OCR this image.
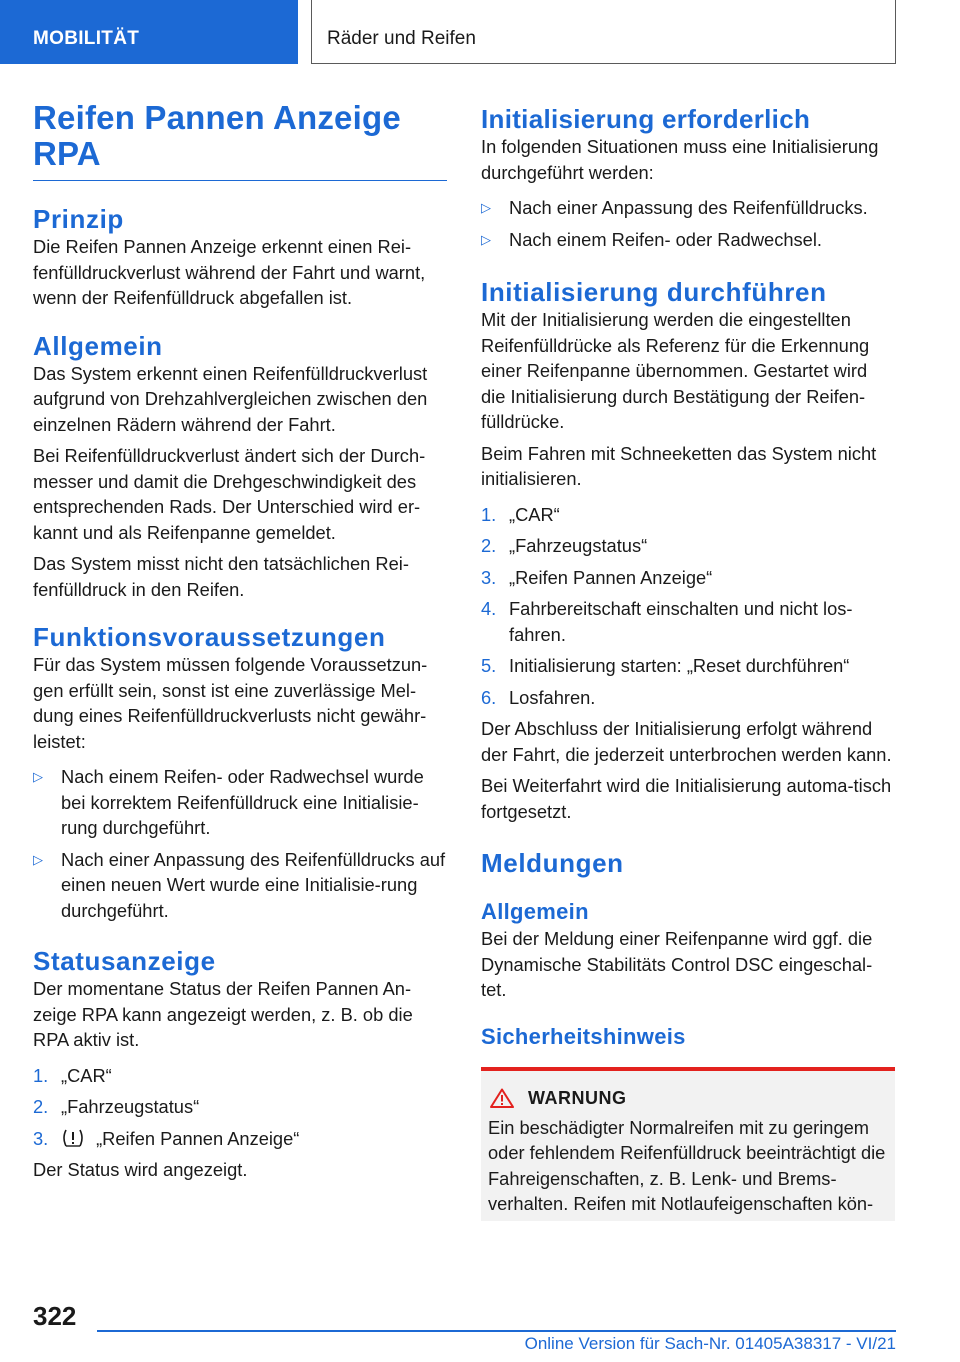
MOBILITÄT	Räder und Reifen
Reifen Pannen Anzeige RPA
Prinzip

Die Reifen Pannen Anzeige erkennt einen Rei-fenfülldruckverlust während der Fahrt und warnt, wenn der Reifenfülldruck abgefallen ist.

Allgemein

Das System erkennt einen Reifenfülldruckverlust aufgrund von Drehzahlvergleichen zwischen den einzelnen Rädern während der Fahrt.

Bei Reifenfülldruckverlust ändert sich der Durch-messer und damit die Drehgeschwindigkeit des entsprechenden Rads. Der Unterschied wird er-kannt und als Reifenpanne gemeldet.

Das System misst nicht den tatsächlichen Rei-fenfülldruck in den Reifen.

Funktionsvoraussetzungen

Für das System müssen folgende Voraussetzun-gen erfüllt sein, sonst ist eine zuverlässige Mel-dung eines Reifenfülldruckverlusts nicht gewähr-leistet:

▷ Nach einem Reifen- oder Radwechsel wurde bei korrektem Reifenfülldruck eine Initialisie-rung durchgeführt.
▷ Nach einer Anpassung des Reifenfülldrucks auf einen neuen Wert wurde eine Initialisie-rung durchgeführt.
Statusanzeige

Der momentane Status der Reifen Pannen An-zeige RPA kann angezeigt werden, z. B. ob die RPA aktiv ist.

1. „CAR“
2. „Fahrzeugstatus“
3.	„Reifen Pannen Anzeige“

Der Status wird angezeigt.

Initialisierung erforderlich

In folgenden Situationen muss eine Initialisierung durchgeführt werden:

▷ Nach einer Anpassung des Reifenfülldrucks.
▷ Nach einem Reifen- oder Radwechsel.
Initialisierung durchführen

Mit der Initialisierung werden die eingestellten Reifenfülldrücke als Referenz für die Erkennung einer Reifenpanne übernommen. Gestartet wird die Initialisierung durch Bestätigung der Reifen-fülldrücke.

Beim Fahren mit Schneeketten das System nicht initialisieren.

1. „CAR“
2. „Fahrzeugstatus“
3. „Reifen Pannen Anzeige“
4. Fahrbereitschaft einschalten und nicht los-fahren.
5. Initialisierung starten: „Reset durchführen“
6. Losfahren.

Der Abschluss der Initialisierung erfolgt während der Fahrt, die jederzeit unterbrochen werden kann.

Bei Weiterfahrt wird die Initialisierung automa-tisch fortgesetzt.

Meldungen
Allgemein

Bei der Meldung einer Reifenpanne wird ggf. die Dynamische Stabilitäts Control DSC eingeschal-tet.

Sicherheitshinweis
WARNUNG

Ein beschädigter Normalreifen mit zu geringem oder fehlendem Reifenfülldruck beeinträchtigt die Fahreigenschaften, z. B. Lenk- und Brems-verhalten. Reifen mit Notlaufeigenschaften kön-

322
Online Version für Sach-Nr. 01405A38317 - VI/21
